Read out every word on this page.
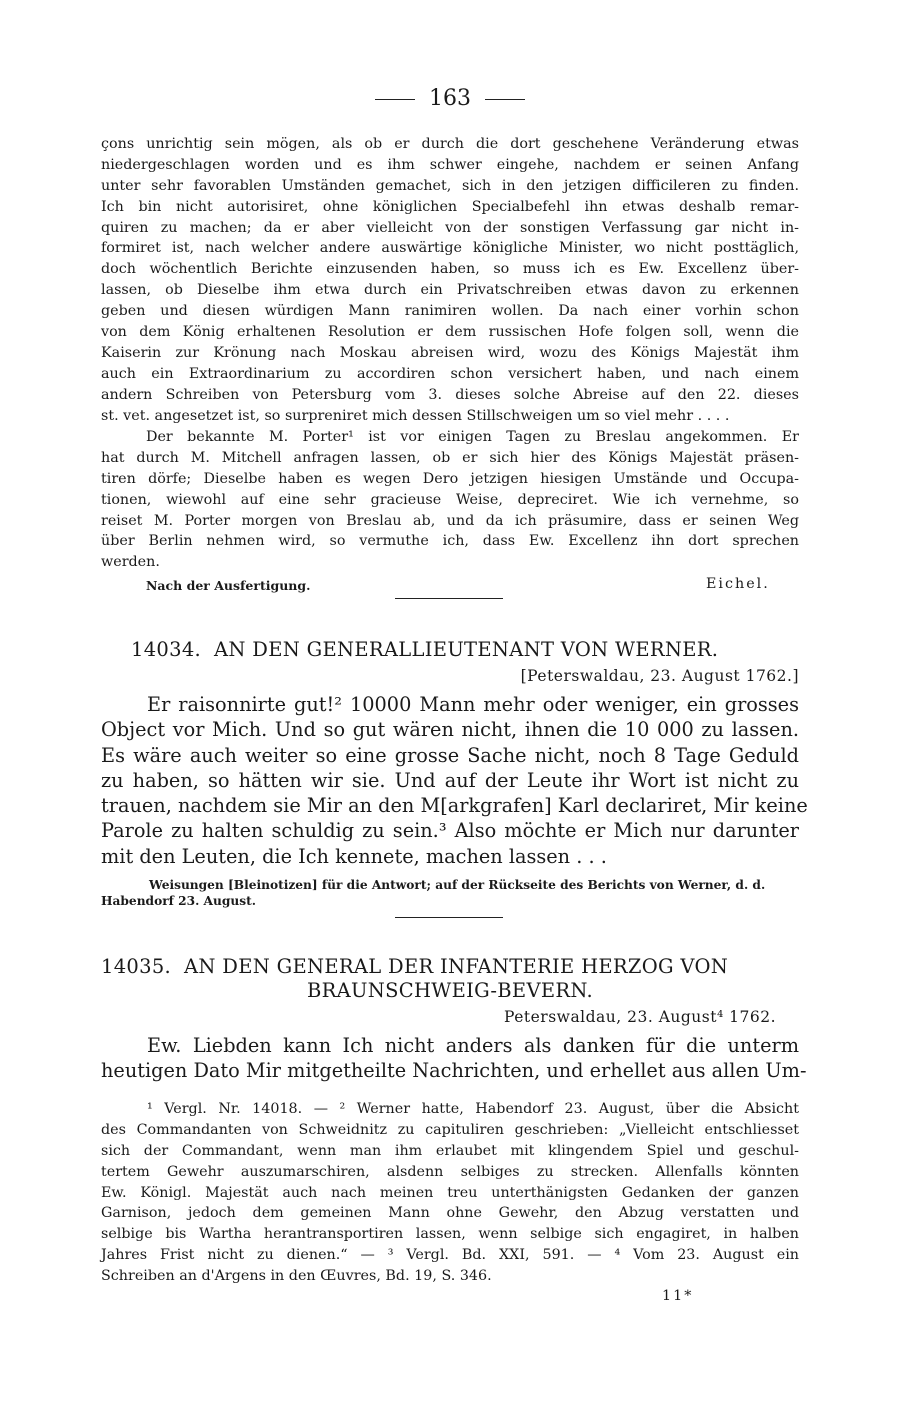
163
çons unrichtig sein mögen, als ob er durch die dort geschehene Veränderung etwas
niedergeschlagen worden und es ihm schwer eingehe, nachdem er seinen Anfang
unter sehr favorablen Umständen gemachet, sich in den jetzigen difficileren zu finden.
Ich bin nicht autorisiret, ohne königlichen Specialbefehl ihn etwas deshalb remar-
quiren zu machen; da er aber vielleicht von der sonstigen Verfassung gar nicht in-
formiret ist, nach welcher andere auswärtige königliche Minister, wo nicht posttäglich,
doch wöchentlich Berichte einzusenden haben, so muss ich es Ew. Excellenz über-
lassen, ob Dieselbe ihm etwa durch ein Privatschreiben etwas davon zu erkennen
geben und diesen würdigen Mann ranimiren wollen. Da nach einer vorhin schon
von dem König erhaltenen Resolution er dem russischen Hofe folgen soll, wenn die
Kaiserin zur Krönung nach Moskau abreisen wird, wozu des Königs Majestät ihm
auch ein Extraordinarium zu accordiren schon versichert haben, und nach einem
andern Schreiben von Petersburg vom 3. dieses solche Abreise auf den 22. dieses
st. vet. angesetzet ist, so surpreniret mich dessen Stillschweigen um so viel mehr . . . .
Der bekannte M. Porter¹ ist vor einigen Tagen zu Breslau angekommen. Er
hat durch M. Mitchell anfragen lassen, ob er sich hier des Königs Majestät präsen-
tiren dörfe; Dieselbe haben es wegen Dero jetzigen hiesigen Umstände und Occupa-
tionen, wiewohl auf eine sehr gracieuse Weise, depreciret. Wie ich vernehme, so
reiset M. Porter morgen von Breslau ab, und da ich präsumire, dass er seinen Weg
über Berlin nehmen wird, so vermuthe ich, dass Ew. Excellenz ihn dort sprechen
werden.
Nach der Ausfertigung.	Eichel.
14034. AN DEN GENERALLIEUTENANT VON WERNER.
[Peterswaldau, 23. August 1762.]
Er raisonnirte gut!² 10000 Mann mehr oder weniger, ein grosses
Object vor Mich. Und so gut wären nicht, ihnen die 10 000 zu lassen.
Es wäre auch weiter so eine grosse Sache nicht, noch 8 Tage Geduld
zu haben, so hätten wir sie. Und auf der Leute ihr Wort ist nicht zu
trauen, nachdem sie Mir an den M[arkgrafen] Karl declariret, Mir keine
Parole zu halten schuldig zu sein.³ Also möchte er Mich nur darunter
mit den Leuten, die Ich kennete, machen lassen . . .
Weisungen [Bleinotizen] für die Antwort; auf der Rückseite des Berichts von Werner, d. d.
Habendorf 23. August.
14035. AN DEN GENERAL DER INFANTERIE HERZOG VON
BRAUNSCHWEIG-BEVERN.
Peterswaldau, 23. August⁴ 1762.
Ew. Liebden kann Ich nicht anders als danken für die unterm
heutigen Dato Mir mitgetheilte Nachrichten, und erhellet aus allen Um-
¹ Vergl. Nr. 14018. — ² Werner hatte, Habendorf 23. August, über die Absicht
des Commandanten von Schweidnitz zu capituliren geschrieben: „Vielleicht entschliesset
sich der Commandant, wenn man ihm erlaubet mit klingendem Spiel und geschul-
tertem Gewehr auszumarschiren, alsdenn selbiges zu strecken. Allenfalls könnten
Ew. Königl. Majestät auch nach meinen treu unterthänigsten Gedanken der ganzen
Garnison, jedoch dem gemeinen Mann ohne Gewehr, den Abzug verstatten und
selbige bis Wartha herantransportiren lassen, wenn selbige sich engagiret, in halben
Jahres Frist nicht zu dienen.“ — ³ Vergl. Bd. XXI, 591. — ⁴ Vom 23. August ein
Schreiben an d'Argens in den Œuvres, Bd. 19, S. 346.
11*
